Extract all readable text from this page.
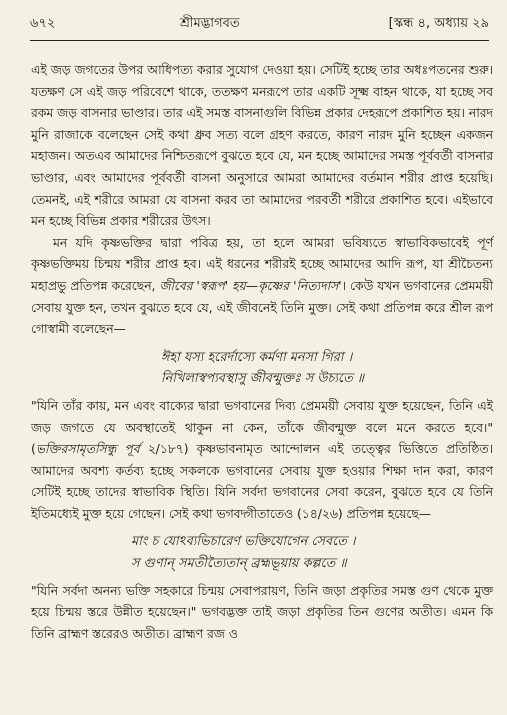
৬৭২	শ্রীমদ্ভাগবত	[স্কন্ধ ৪, অধ্যায় ২৯

এই জড় জগতের উপর আধিপত্য করার সুযোগ দেওয়া হয়। সেটিই হচ্ছে তার অধঃপতনের শুরু। যতক্ষণ সে এই জড় পরিবেশে থাকে, ততক্ষণ মনরূপে তার একটি সূক্ষ্ম বাহন থাকে, যা হচ্ছে সব রকম জড় বাসনার ভাণ্ডার। তার এই সমস্ত বাসনাগুলি বিভিন্ন প্রকার দেহরূপে প্রকাশিত হয়। নারদ মুনি রাজাকে বলেছেন সেই কথা ধ্রুব সত্য বলে গ্রহণ করতে, কারণ নারদ মুনি হচ্ছেন একজন মহাজন। অতএব আমাদের নিশ্চিতরূপে বুঝতে হবে যে, মন হচ্ছে আমাদের সমস্ত পূর্ববর্তী বাসনার ভাণ্ডার, এবং আমাদের পূর্ববর্তী বাসনা অনুসারে আমরা আমাদের বর্তমান শরীর প্রাপ্ত হয়েছি। তেমনই, এই শরীরে আমরা যে বাসনা করব তা আমাদের পরবর্তী শরীরে প্রকাশিত হবে। এইভাবে মন হচ্ছে বিভিন্ন প্রকার শরীরের উৎস।

মন যদি কৃষ্ণভক্তির দ্বারা পবিত্র হয়, তা হলে আমরা ভবিষ্যতে স্বাভাবিকভাবেই পূর্ণ কৃষ্ণভক্তিময় চিন্ময় শরীর প্রাপ্ত হব। এই ধরনের শরীরই হচ্ছে আমাদের আদি রূপ, যা শ্রীচৈতন্য মহাপ্রভু প্রতিপন্ন করেছেন, জীবের 'স্বরূপ' হয়—কৃষ্ণের 'নিত্যদাস'। কেউ যখন ভগবানের প্রেমময়ী সেবায় যুক্ত হন, তখন বুঝতে হবে যে, এই জীবনেই তিনি মুক্ত। সেই কথা প্রতিপন্ন করে শ্রীল রূপ গোস্বামী বলেছেন—

ঈহা যস্য হরের্দাস্যে কর্মণা মনসা গিরা ।
নিখিলাস্বপ্যবস্থাসু জীবন্মুক্তঃ স উচ্যতে ॥

"যিনি তাঁর কায়, মন এবং বাক্যের দ্বারা ভগবানের দিব্য প্রেমময়ী সেবায় যুক্ত হয়েছেন, তিনি এই জড় জগতে যে অবস্থাতেই থাকুন না কেন, তাঁকে জীবন্মুক্ত বলে মনে করতে হবে।" (ভক্তিরসামৃতসিন্ধু পূর্ব ২/১৮৭) কৃষ্ণভাবনামৃত আন্দোলন এই তত্ত্বের ভিত্তিতে প্রতিষ্ঠিত। আমাদের অবশ্য কর্তব্য হচ্ছে সকলকে ভগবানের সেবায় যুক্ত হওয়ার শিক্ষা দান করা, কারণ সেটিই হচ্ছে তাদের স্বাভাবিক স্থিতি। যিনি সর্বদা ভগবানের সেবা করেন, বুঝতে হবে যে তিনি ইতিমধ্যেই মুক্ত হয়ে গেছেন। সেই কথা ভগবদ্গীতাতেও (১৪/২৬) প্রতিপন্ন হয়েছে—

মাং চ যোঽব্যভিচারেণ ভক্তিযোগেন সেবতে ।
স গুণান্ সমতীত্যৈতান্ ব্রহ্মভূয়ায় কল্পতে ॥

"যিনি সর্বদা অনন্য ভক্তি সহকারে চিন্ময় সেবাপরায়ণ, তিনি জড়া প্রকৃতির সমস্ত গুণ থেকে মুক্ত হয়ে চিন্ময় স্তরে উন্নীত হয়েছেন।" ভগবদ্ভক্ত তাই জড়া প্রকৃতির তিন গুণের অতীত। এমন কি তিনি ব্রাহ্মণ স্তরেরও অতীত। ব্রাহ্মণ রজ ও
